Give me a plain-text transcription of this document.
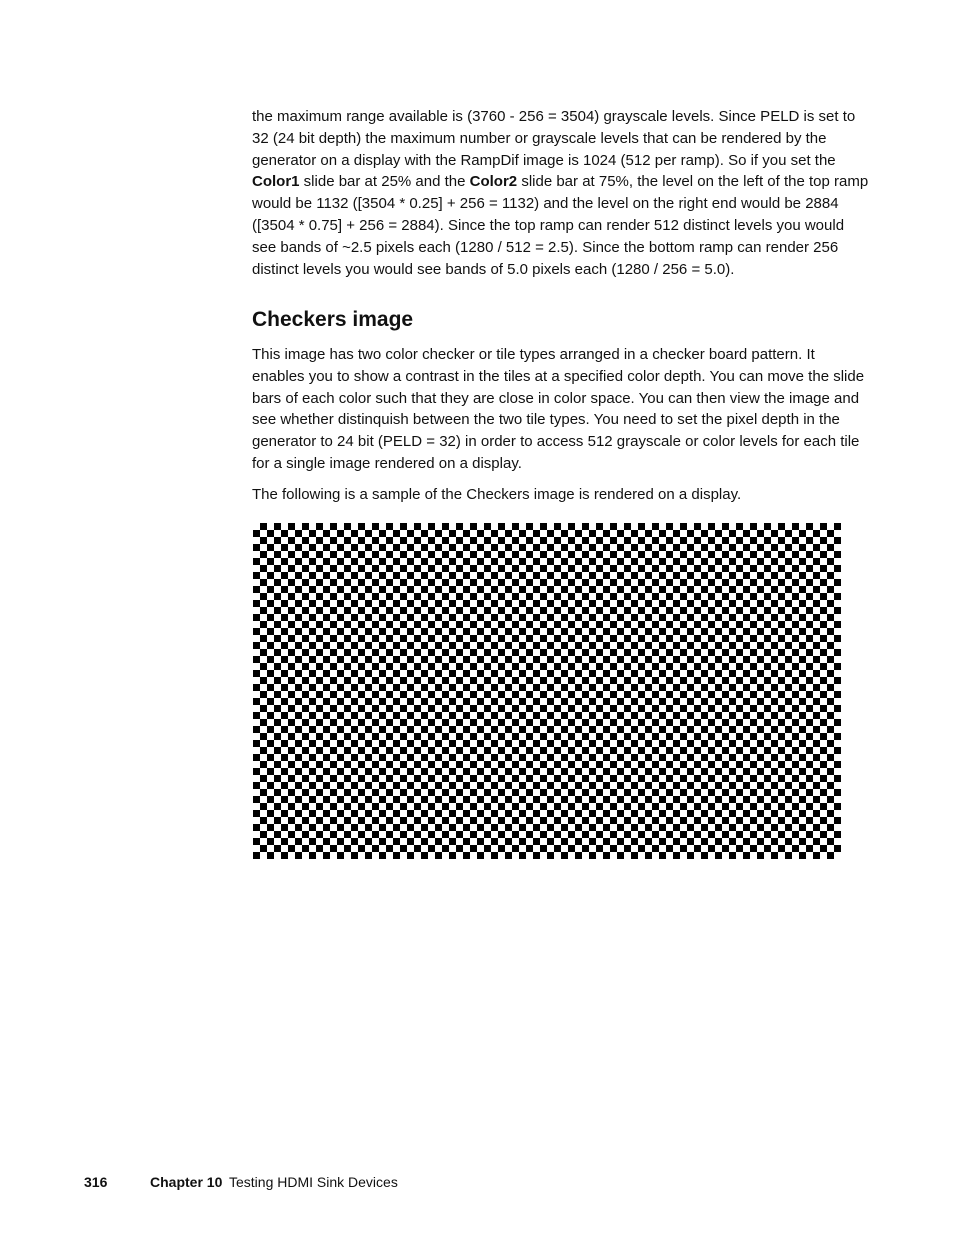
the maximum range available is (3760 - 256 = 3504) grayscale levels. Since PELD is set to 32 (24 bit depth) the maximum number or grayscale levels that can be rendered by the generator on a display with the RampDif image is 1024 (512 per ramp). So if you set the Color1 slide bar at 25% and the Color2 slide bar at 75%, the level on the left of the top ramp would be 1132 ([3504 * 0.25] + 256 = 1132) and the level on the right end would be 2884 ([3504 * 0.75] + 256 = 2884). Since the top ramp can render 512 distinct levels you would see bands of ~2.5 pixels each (1280 / 512 = 2.5). Since the bottom ramp can render 256 distinct levels you would see bands of 5.0 pixels each (1280 / 256 = 5.0).

Checkers image

This image has two color checker or tile types arranged in a checker board pattern. It enables you to show a contrast in the tiles at a specified color depth. You can move the slide bars of each color such that they are close in color space. You can then view the image and see whether distinquish between the two tile types. You need to set the pixel depth in the generator to 24 bit (PELD = 32) in order to access 512 grayscale or color levels for each tile for a single image rendered on a display.

The following is a sample of the Checkers image is rendered on a display.

316	Chapter 10 Testing HDMI Sink Devices
